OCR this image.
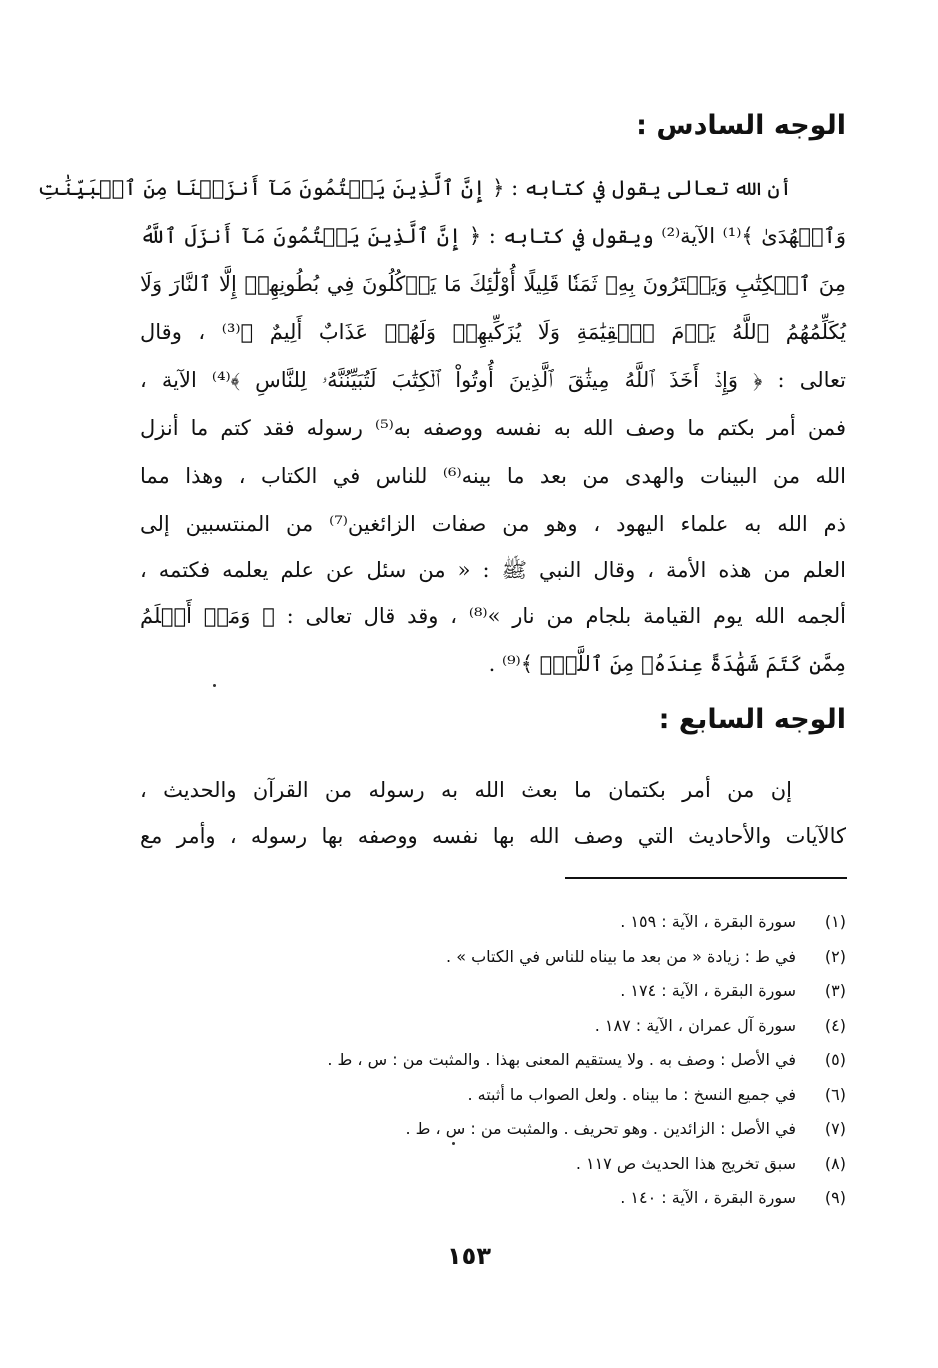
الوجه السادس :
أن الله تعالى يقول في كتابه : ﴿ إِنَّ ٱلَّذِينَ يَكۡتُمُونَ مَآ أَنزَلۡنَا مِنَ ٱلۡبَيِّنَٰتِ
وَٱلۡهُدَىٰ ﴾⁽¹⁾ الآية⁽²⁾ ويقول في كتابه : ﴿ إِنَّ ٱلَّذِينَ يَكۡتُمُونَ مَآ أَنزَلَ ٱللَّهُ
مِنَ ٱلۡكِتَٰبِ وَيَشۡتَرُونَ بِهِۦ ثَمَنٗا قَلِيلًا أُوْلَٰٓئِكَ مَا يَأۡكُلُونَ فِي بُطُونِهِمۡ إِلَّا ٱلنَّارَ وَلَا
يُكَلِّمُهُمُ ٱللَّهُ يَوۡمَ ٱلۡقِيَٰمَةِ وَلَا يُزَكِّيهِمۡ وَلَهُمۡ عَذَابٌ أَلِيمٌ ﴾⁽³⁾ ، وقال
تعالى : ﴿ وَإِذۡ أَخَذَ ٱللَّهُ مِيثَٰقَ ٱلَّذِينَ أُوتُواْ ٱلۡكِتَٰبَ لَتُبَيِّنُنَّهُۥ لِلنَّاسِ ﴾⁽⁴⁾ الآية ،
فمن أمر بكتم ما وصف الله به نفسه ووصفه به⁽⁵⁾ رسوله فقد كتم ما أنزل
الله من البينات والهدى من بعد ما بينه⁽⁶⁾ للناس في الكتاب ، وهذا مما
ذم الله به علماء اليهود ، وهو من صفات الزائغين⁽⁷⁾ من المنتسبين إلى
العلم من هذه الأمة ، وقال النبي ﷺ : « من سئل عن علم يعلمه فكتمه ،
ألجمه الله يوم القيامة بلجام من نار »⁽⁸⁾ ، وقد قال تعالى : ﴿ وَمَنۡ أَظۡلَمُ
مِمَّن كَتَمَ شَهَٰدَةً عِندَهُۥ مِنَ ٱللَّهِۗ ﴾⁽⁹⁾ .
الوجه السابع :
إن من أمر بكتمان ما بعث الله به رسوله من القرآن والحديث ،
كالآيات والأحاديث التي وصف الله بها نفسه ووصفه بها رسوله ، وأمر مع
(١)
سورة البقرة ، الآية : ١٥٩ .
(٢)
في ط : زيادة « من بعد ما بيناه للناس في الكتاب » .
(٣)
سورة البقرة ، الآية : ١٧٤ .
(٤)
سورة آل عمران ، الآية : ١٨٧ .
(٥)
في الأصل : وصف به . ولا يستقيم المعنى بهذا . والمثبت من : س ، ط .
(٦)
في جميع النسخ : ما بيناه . ولعل الصواب ما أثبته .
(٧)
في الأصل : الزائدين . وهو تحريف . والمثبت من : س ، ط .
(٨)
سبق تخريج هذا الحديث ص ١١٧ .
(٩)
سورة البقرة ، الآية : ١٤٠ .
١٥٣
